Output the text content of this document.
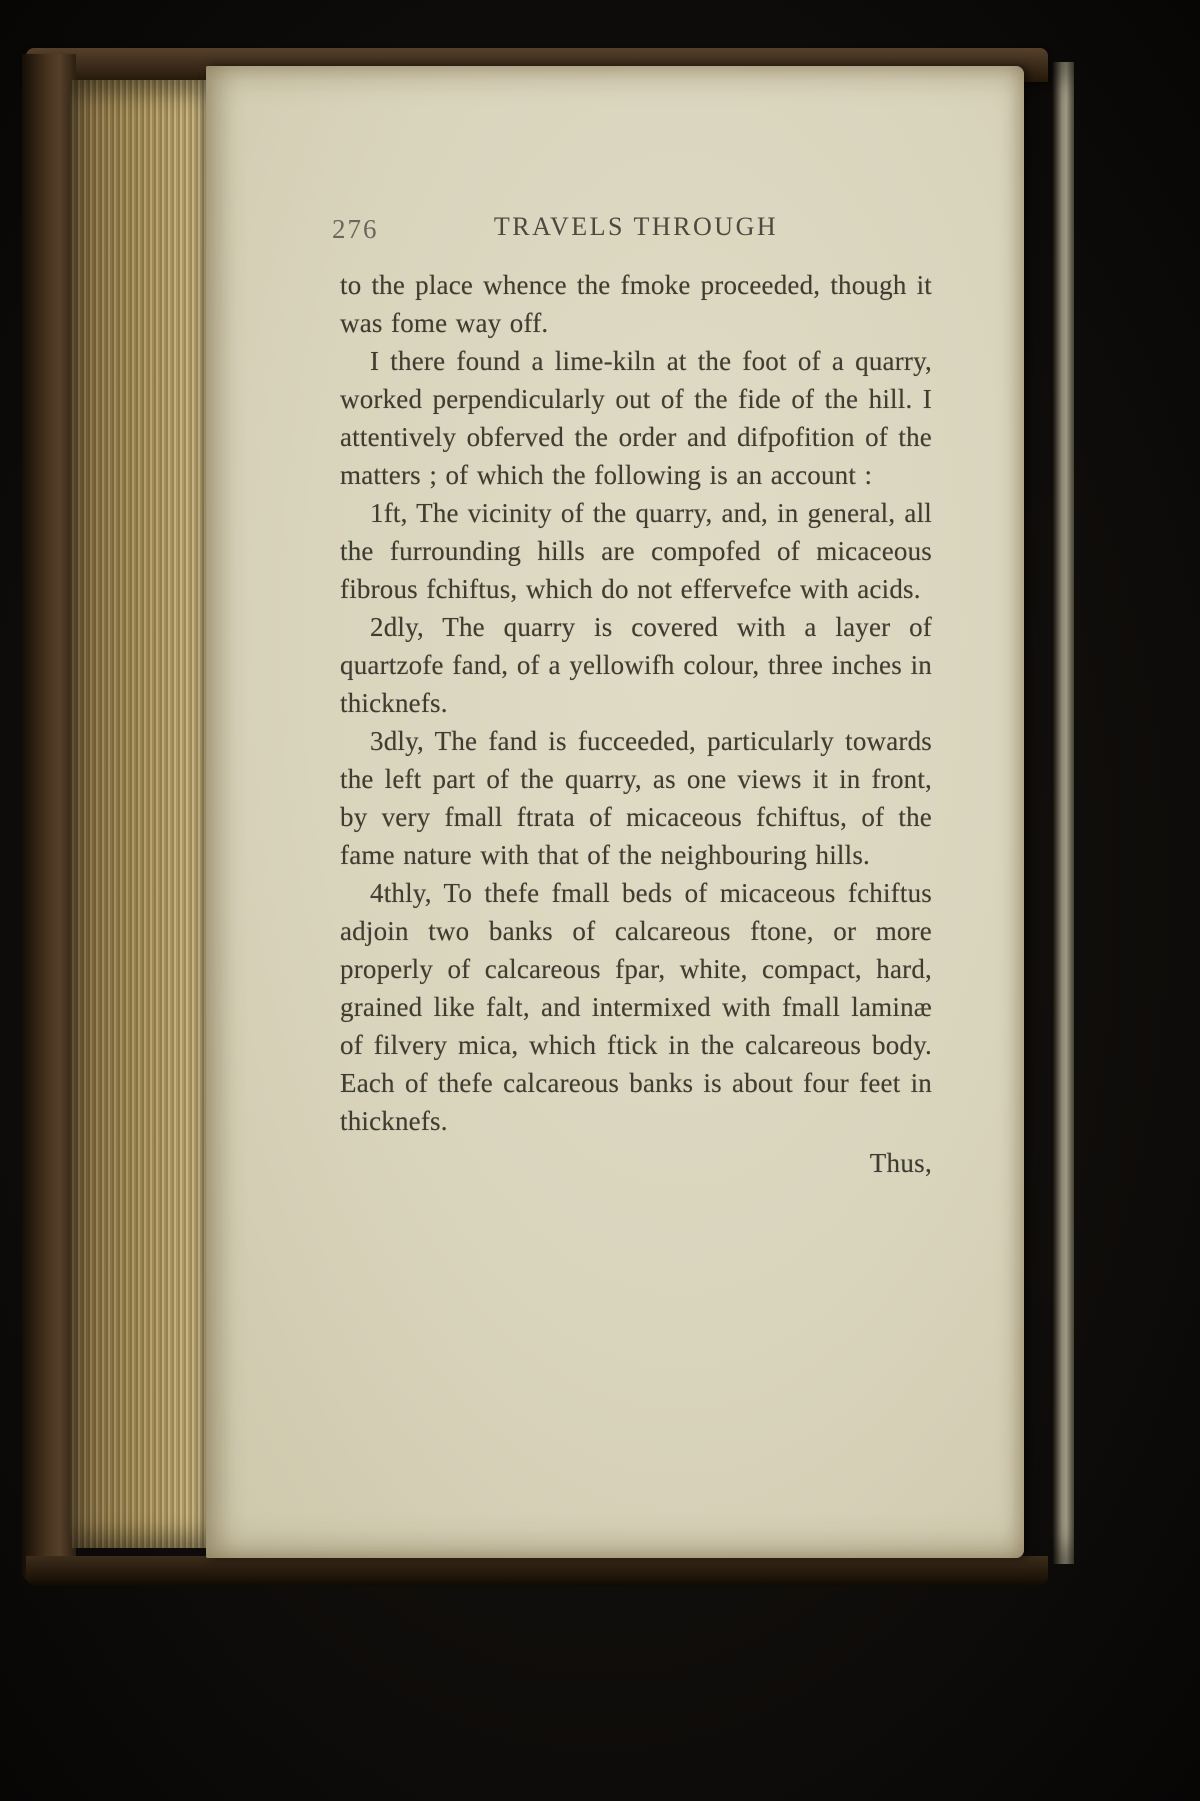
276	TRAVELS THROUGH

to the place whence the fmoke proceeded, though it was fome way off.

I there found a lime-kiln at the foot of a quarry, worked perpendicularly out of the fide of the hill. I attentively obferved the order and difpofition of the matters ; of which the following is an account :

1ft, The vicinity of the quarry, and, in general, all the furrounding hills are compofed of micaceous fibrous fchiftus, which do not effervefce with acids.

2dly, The quarry is covered with a layer of quartzofe fand, of a yellowifh colour, three inches in thicknefs.

3dly, The fand is fucceeded, particularly towards the left part of the quarry, as one views it in front, by very fmall ftrata of micaceous fchiftus, of the fame nature with that of the neighbouring hills.

4thly, To thefe fmall beds of micaceous fchiftus adjoin two banks of calcareous ftone, or more properly of calcareous fpar, white, compact, hard, grained like falt, and intermixed with fmall laminæ of filvery mica, which ftick in the calcareous body. Each of thefe calcareous banks is about four feet in thicknefs.

Thus,
